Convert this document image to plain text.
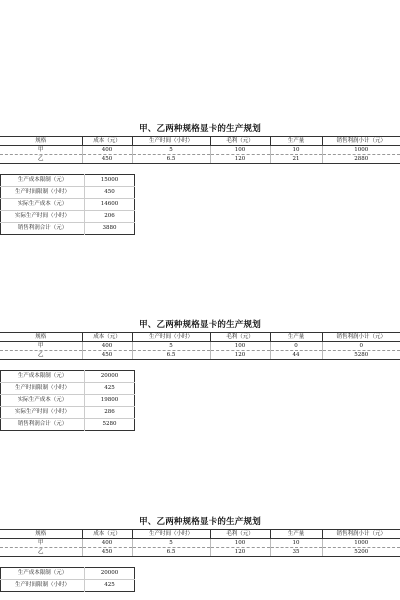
甲、乙两种规格显卡的生产规划
规格	成本（元）	生产时间（小时）	毛利（元）	生产量	销售利润小计（元）
甲	400	5	100	10	1000
乙	450	6.5	120	21	2880
生产成本限制（元）	15000
生产时间限制（小时）	450
实际生产成本（元）	14600
实际生产时间（小时）	206
销售利润合计（元）	3880
甲、乙两种规格显卡的生产规划
规格	成本（元）	生产时间（小时）	毛利（元）	生产量	销售利润小计（元）
甲	400	5	100	0	0
乙	450	6.5	120	44	5280
生产成本限制（元）	20000
生产时间限制（小时）	425
实际生产成本（元）	19800
实际生产时间（小时）	286
销售利润合计（元）	5280
甲、乙两种规格显卡的生产规划
规格	成本（元）	生产时间（小时）	毛利（元）	生产量	销售利润小计（元）
甲	400	5	100	10	1000
乙	450	6.5	120	35	5200
生产成本限制（元）	20000
生产时间限制（小时）	425
